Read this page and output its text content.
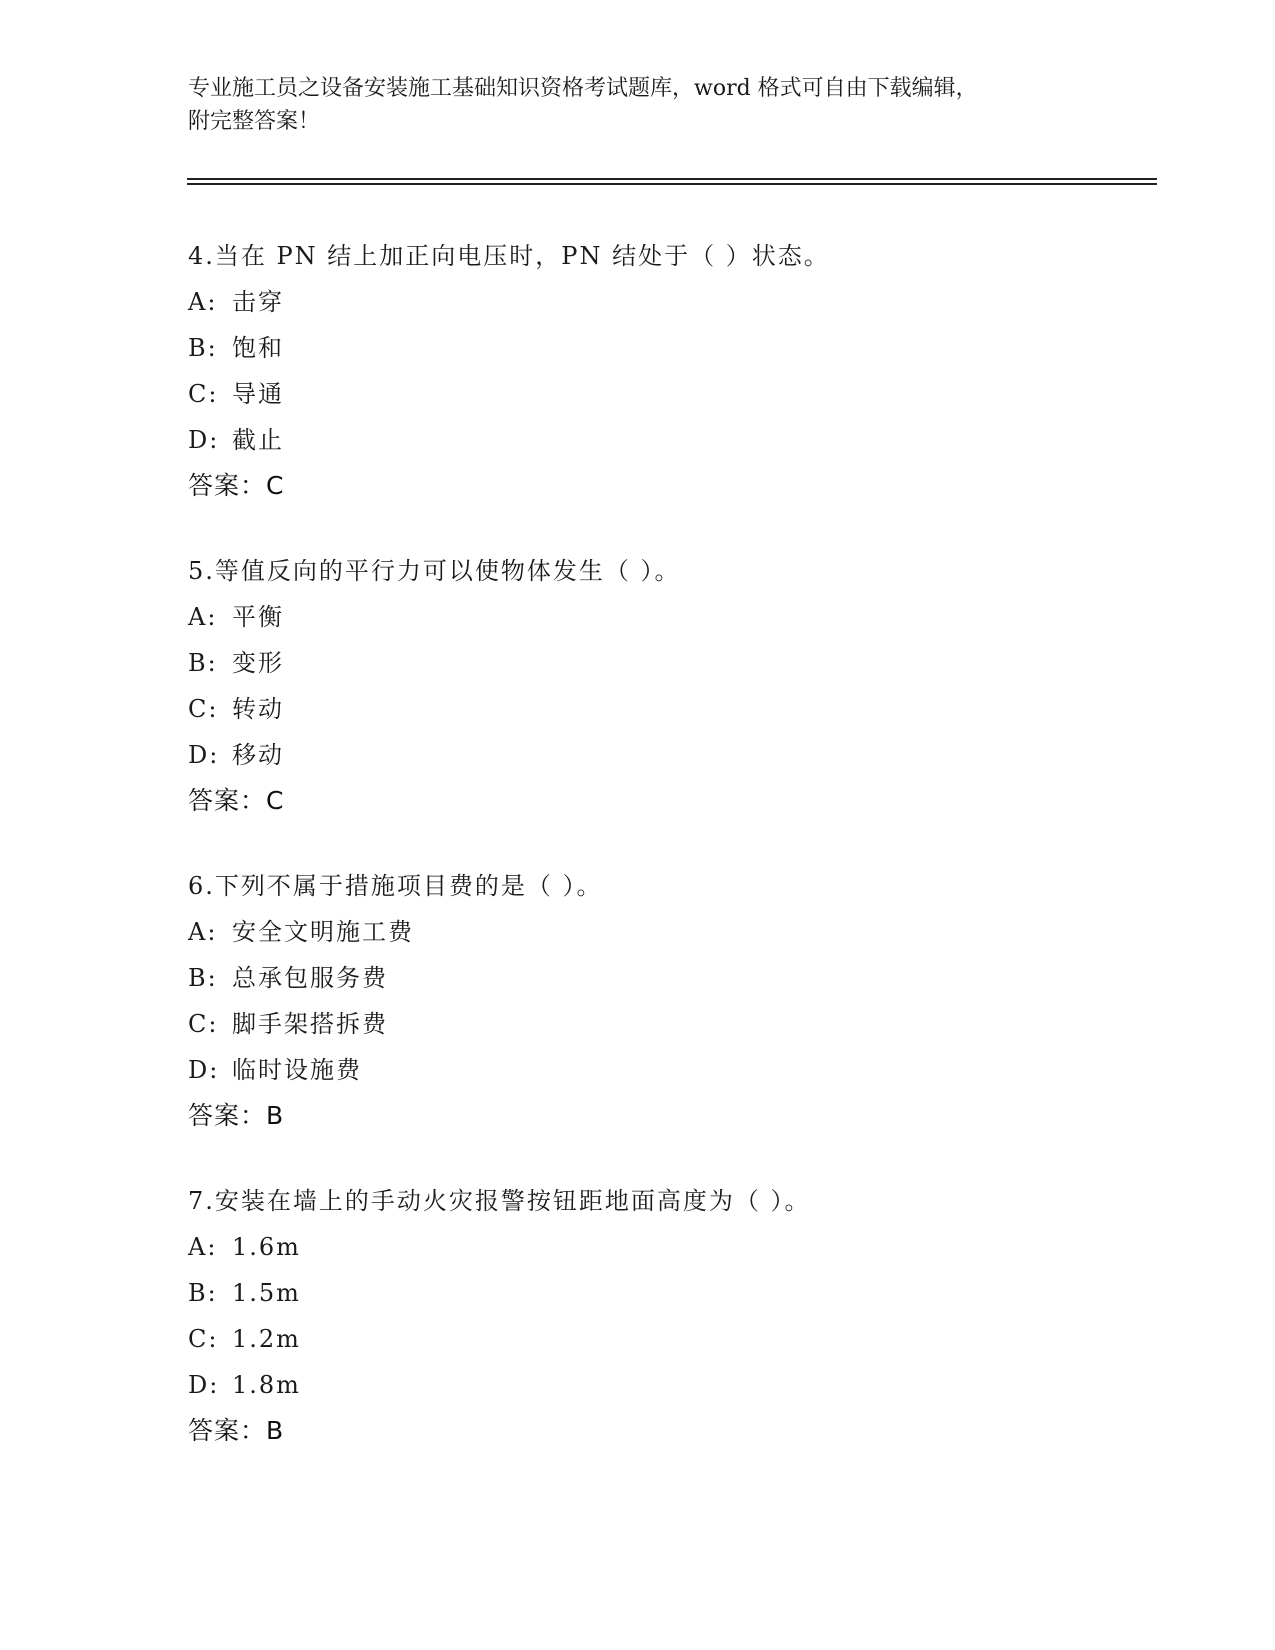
专业施工员之设备安装施工基础知识资格考试题库，word 格式可自由下载编辑，
附完整答案！
4.当在 PN 结上加正向电压时，PN 结处于（ ）状态。
A: 击穿
B: 饱和
C: 导通
D: 截止
答案：C
5.等值反向的平行力可以使物体发生（ ）。
A: 平衡
B: 变形
C: 转动
D: 移动
答案：C
6.下列不属于措施项目费的是（ ）。
A: 安全文明施工费
B: 总承包服务费
C: 脚手架搭拆费
D: 临时设施费
答案：B
7.安装在墙上的手动火灾报警按钮距地面高度为（ ）。
A: 1.6m
B: 1.5m
C: 1.2m
D: 1.8m
答案：B
